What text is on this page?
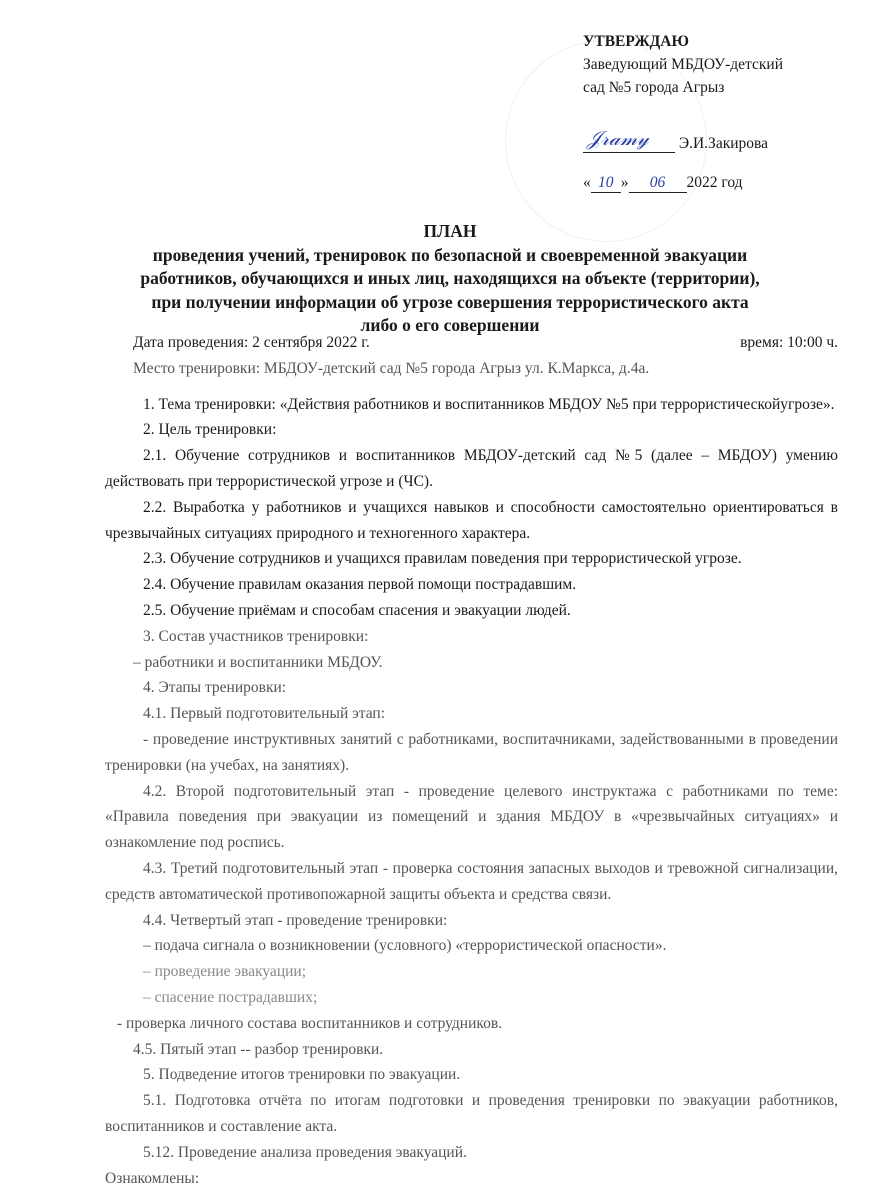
УТВЕРЖДАЮ
Заведующий МБДОУ-детский
сад №5 города Агрыз
𝒥𝓇𝒶𝓂𝓎 Э.И.Закирова
« 10 » 06 2022 год
ПЛАН
проведения учений, тренировок по безопасной и своевременной эвакуации
работников, обучающихся и иных лиц, находящихся на объекте (территории),
при получении информации об угрозе совершения террористического акта
либо о его совершении
Дата проведения: 2 сентября 2022 г.	время: 10:00 ч.

Место тренировки: МБДОУ-детский сад №5 города Агрыз ул. К.Маркса, д.4а.

1. Тема тренировки: «Действия работников и воспитанников МБДОУ №5 при террористическойугрозе».

2. Цель тренировки:

2.1. Обучение сотрудников и воспитанников МБДОУ-детский сад №5 (далее – МБДОУ) умению действовать при террористической угрозе и (ЧС).

2.2. Выработка у работников и учащихся навыков и способности самостоятельно ориентироваться в чрезвычайных ситуациях природного и техногенного характера.

2.3. Обучение сотрудников и учащихся правилам поведения при террористической угрозе.

2.4. Обучение правилам оказания первой помощи пострадавшим.

2.5. Обучение приёмам и способам спасения и эвакуации людей.

3. Состав участников тренировки:

– работники и воспитанники МБДОУ.

4. Этапы тренировки:

4.1. Первый подготовительный этап:

- проведение инструктивных занятий с работниками, воспитачниками, задействованными в проведении тренировки (на учебах, на занятиях).

4.2. Второй подготовительный этап - проведение целевого инструктажа с работниками по теме: «Правила поведения при эвакуации из помещений и здания МБДОУ в «чрезвычайных ситуациях» и ознакомление под роспись.

4.3. Третий подготовительный этап - проверка состояния запасных выходов и тревожной сигнализации, средств автоматической противопожарной защиты объекта и средства связи.

4.4. Четвертый этап - проведение тренировки:

– подача сигнала о возникновении (условного) «террористической опасности».

– проведение эвакуации;

– спасение пострадавших;

- проверка личного состава воспитанников и сотрудников.

4.5. Пятый этап -- разбор тренировки.

5. Подведение итогов тренировки по эвакуации.

5.1. Подготовка отчёта по итогам подготовки и проведения тренировки по эвакуации работников, воспитанников и составление акта.

5.12. Проведение анализа проведения эвакуаций.

Ознакомлены:
